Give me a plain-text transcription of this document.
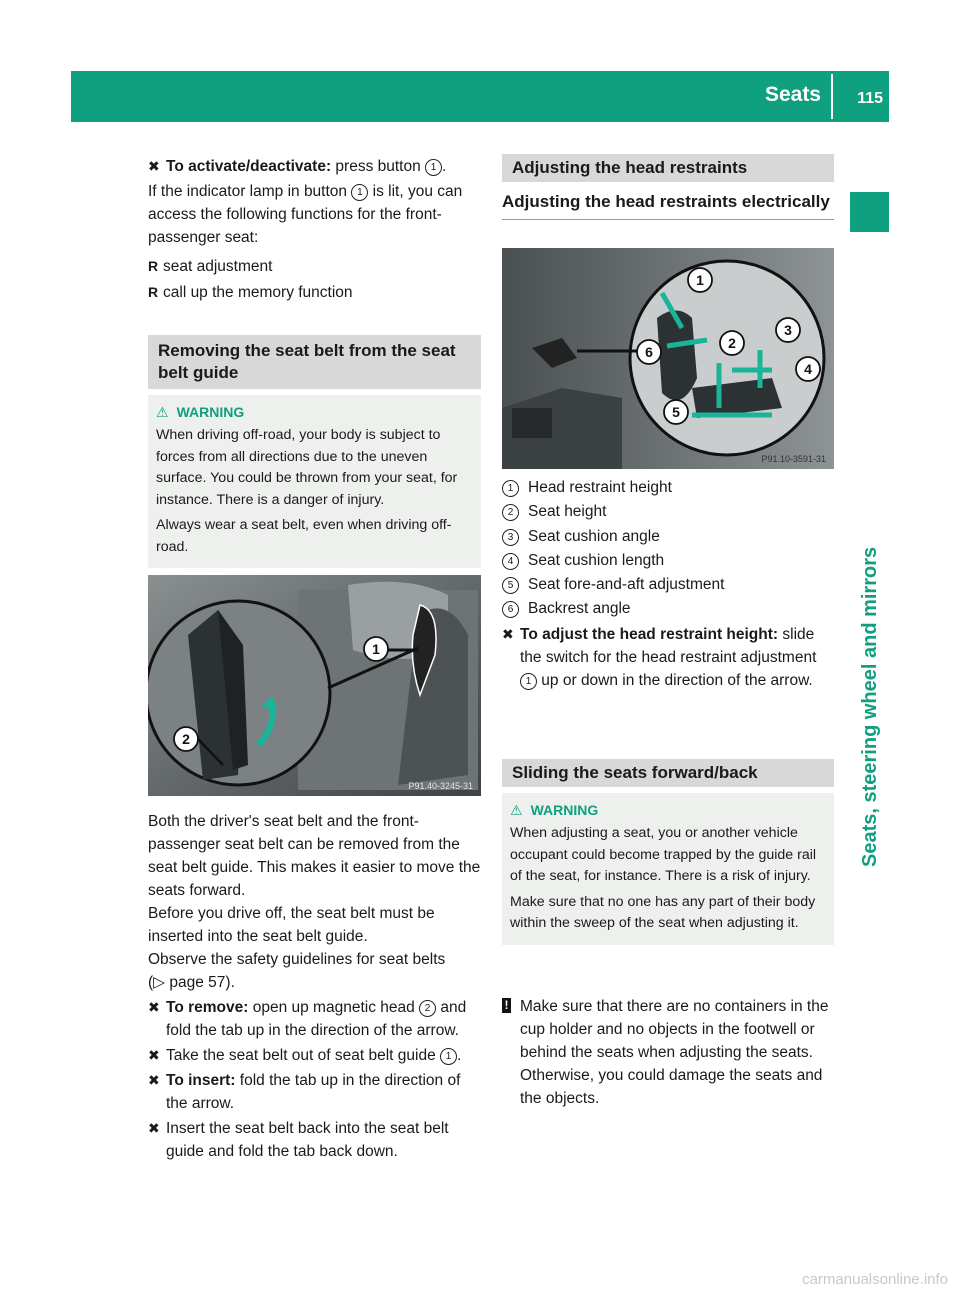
Seats 115
Seats, steering wheel and mirrors

✖ To activate/deactivate: press button 1 .

If the indicator lamp in button 1 is lit, you can access the following functions for the front-passenger seat:

R seat adjustment

R call up the memory function

Removing the seat belt from the seat belt guide
⚠ WARNING

When driving off-road, your body is subject to forces from all directions due to the uneven surface. You could be thrown from your seat, for instance. There is a danger of injury.

Always wear a seat belt, even when driving off-road.

1
2
P91.40-3245-31

Both the driver's seat belt and the front-passenger seat belt can be removed from the seat belt guide. This makes it easier to move the seats forward.

Before you drive off, the seat belt must be inserted into the seat belt guide.

Observe the safety guidelines for seat belts
(▷ page 57).

✖ To remove: open up magnetic head 2 and fold the tab up in the direction of the arrow.

✖ Take the seat belt out of seat belt guide 1 .

✖ To insert: fold the tab up in the direction of the arrow.

✖ Insert the seat belt back into the seat belt guide and fold the tab back down.

Adjusting the head restraints
Adjusting the head restraints electrically
1
2
3
4
5
6
P91.10-3591-31

1 Head restraint height

2 Seat height

3 Seat cushion angle

4 Seat cushion length

5 Seat fore-and-aft adjustment

6 Backrest angle

✖ To adjust the head restraint height: slide the switch for the head restraint adjustment 1 up or down in the direction of the arrow.

Sliding the seats forward/back
⚠ WARNING

When adjusting a seat, you or another vehicle occupant could become trapped by the guide rail of the seat, for instance. There is a risk of injury.

Make sure that no one has any part of their body within the sweep of the seat when adjusting it.

! Make sure that there are no containers in the cup holder and no objects in the footwell or behind the seats when adjusting the seats. Otherwise, you could damage the seats and the objects.

carmanualsonline.info
